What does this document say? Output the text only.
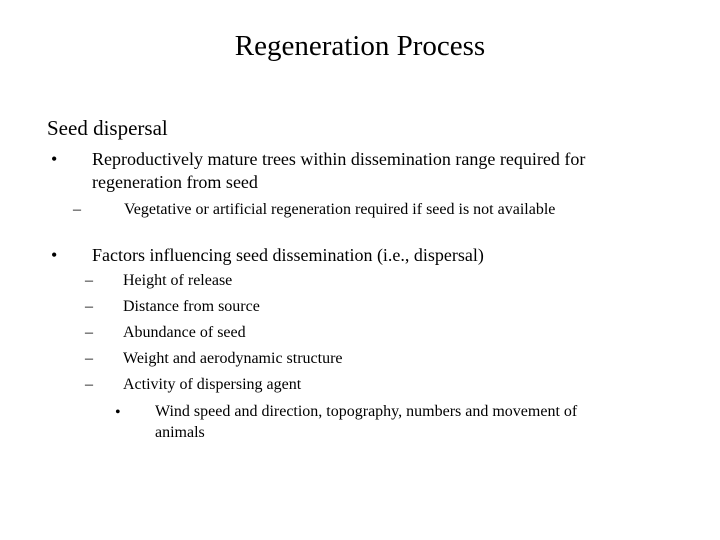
Regeneration Process
Seed dispersal
• Reproductively mature trees within dissemination range required for
regeneration from seed
–	Vegetative or artificial regeneration required if seed is not available
• Factors influencing seed dissemination (i.e., dispersal)
– Height of release
– Distance from source
– Abundance of seed
– Weight and aerodynamic structure
– Activity of dispersing agent
• Wind speed and direction, topography, numbers and movement of
animals
